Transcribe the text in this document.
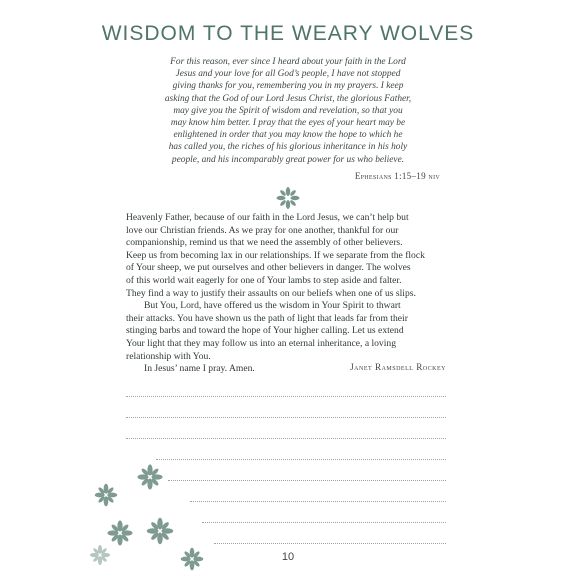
WISDOM TO THE WEARY WOLVES
For this reason, ever since I heard about your faith in the Lord
Jesus and your love for all God’s people, I have not stopped
giving thanks for you, remembering you in my prayers. I keep
asking that the God of our Lord Jesus Christ, the glorious Father,
may give you the Spirit of wisdom and revelation, so that you
may know him better. I pray that the eyes of your heart may be
enlightened in order that you may know the hope to which he
has called you, the riches of his glorious inheritance in his holy
people, and his incomparably great power for us who believe.
Ephesians 1:15–19 niv
Heavenly Father, because of our faith in the Lord Jesus, we can’t help but
love our Christian friends. As we pray for one another, thankful for our
companionship, remind us that we need the assembly of other believers.
Keep us from becoming lax in our relationships. If we separate from the flock
of Your sheep, we put ourselves and other believers in danger. The wolves
of this world wait eagerly for one of Your lambs to step aside and falter.
They find a way to justify their assaults on our beliefs when one of us slips.
But You, Lord, have offered us the wisdom in Your Spirit to thwart
their attacks. You have shown us the path of light that leads far from their
stinging barbs and toward the hope of Your higher calling. Let us extend
Your light that they may follow us into an eternal inheritance, a loving
relationship with You.
In Jesus’ name I pray. Amen.	Janet Ramsdell Rockey
10
